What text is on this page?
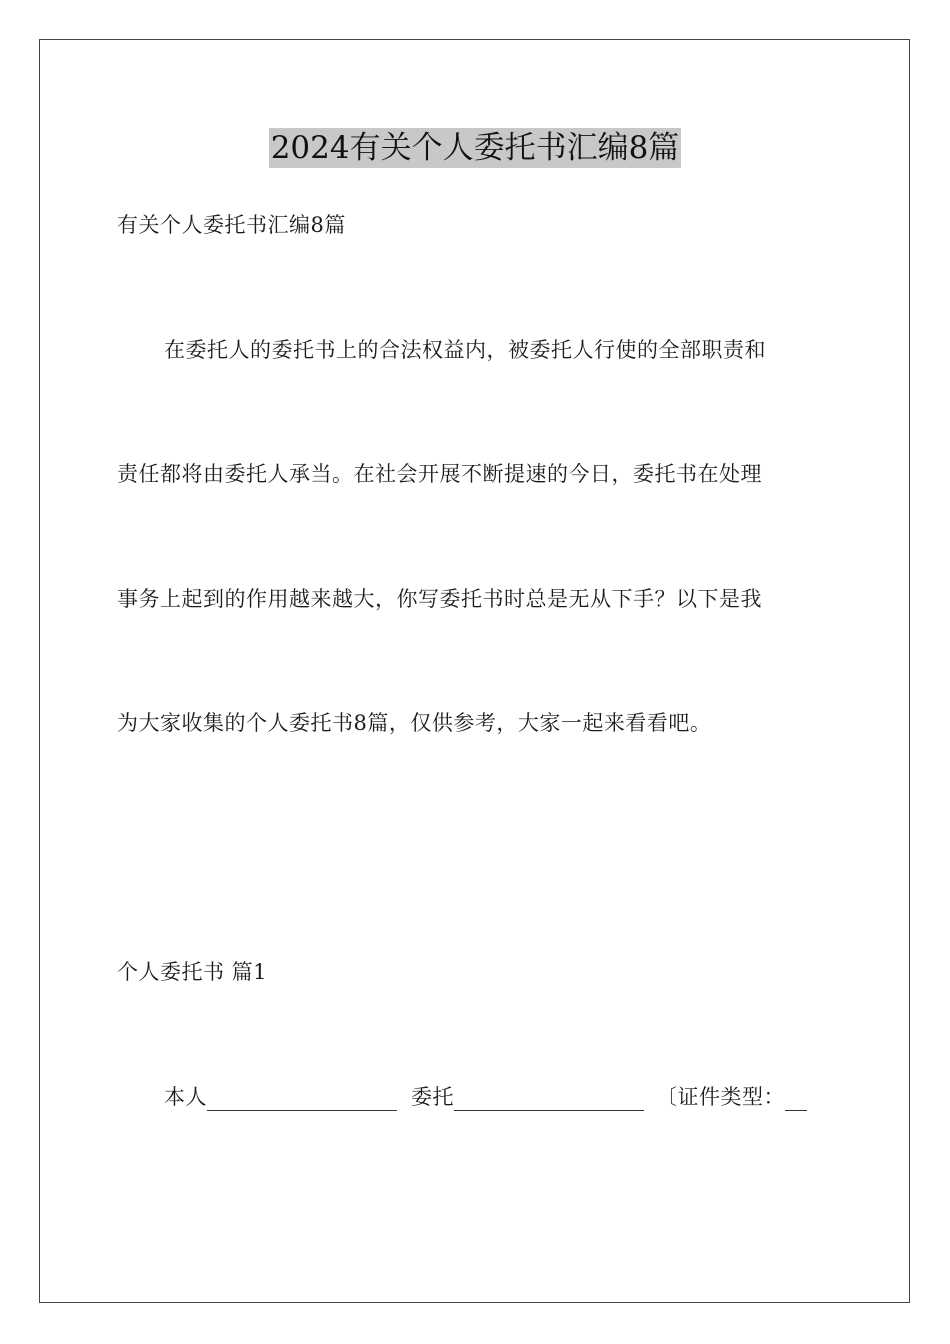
2024有关个人委托书汇编8篇
有关个人委托书汇编8篇
在委托人的委托书上的合法权益内，被委托人行使的全部职责和
责任都将由委托人承当。在社会开展不断提速的今日，委托书在处理
事务上起到的作用越来越大，你写委托书时总是无从下手？以下是我
为大家收集的个人委托书8篇，仅供参考，大家一起来看看吧。
个人委托书 篇1
本人	委托	〔证件类型：
